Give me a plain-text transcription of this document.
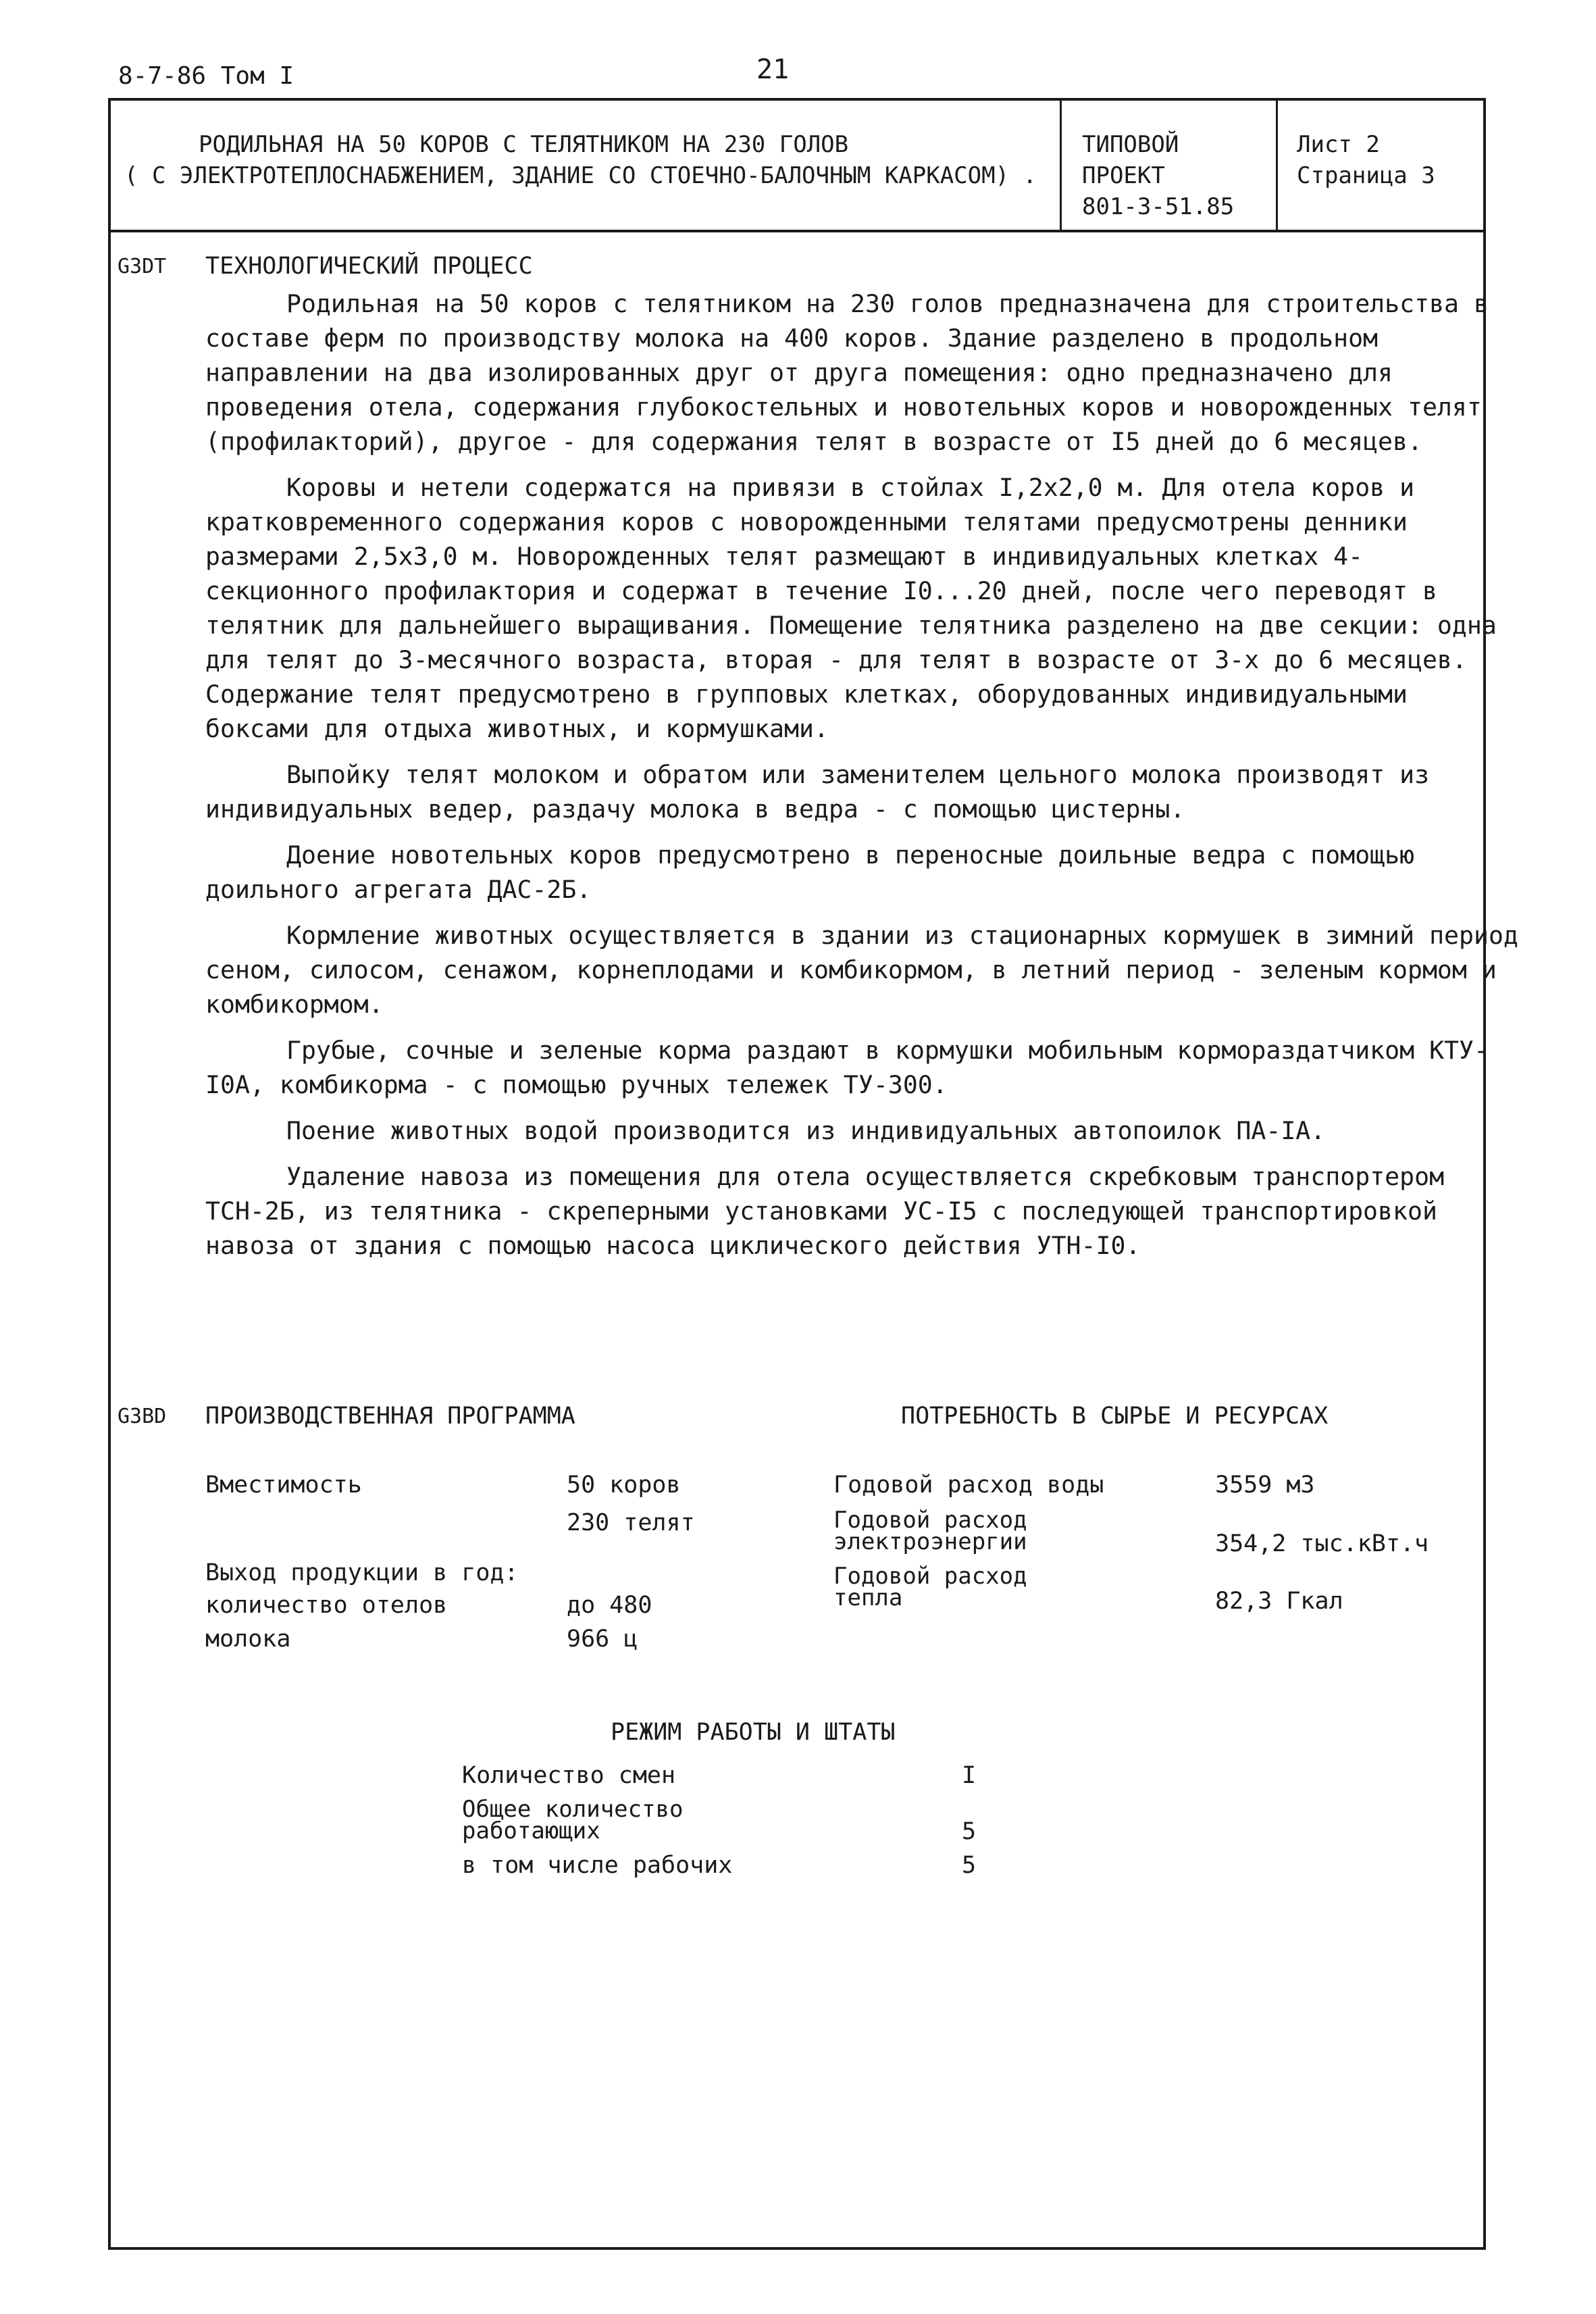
8-7-86 Том I	21
РОДИЛЬНАЯ НА 50 КОРОВ С ТЕЛЯТНИКОМ НА 230 ГОЛОВ
( С ЭЛЕКТРОТЕПЛОСНАБЖЕНИЕМ, ЗДАНИЕ СО СТОЕЧНО-БАЛОЧНЫМ КАРКАСОМ) .
ТИПОВОЙ
ПРОЕКТ
801-3-51.85
Лист 2
Страница 3
G3DT ТЕХНОЛОГИЧЕСКИЙ ПРОЦЕСС

Родильная на 50 коров с телятником на 230 голов предназначена для строительства в составе ферм по производству молока на 400 коров. Здание разделено в продольном направлении на два изолированных друг от друга помещения: одно предназначено для проведения отела, содержания глубокостельных и новотельных коров и новорожденных телят (профилакторий), другое - для содержания телят в возрасте от I5 дней до 6 месяцев.

Коровы и нетели содержатся на привязи в стойлах I,2x2,0 м. Для отела коров и кратковременного содержания коров с новорожденными телятами предусмотрены денники размерами 2,5x3,0 м. Новорожденных телят размещают в индивидуальных клетках 4-секционного профилактория и содержат в течение I0...20 дней, после чего переводят в телятник для дальнейшего выращивания. Помещение телятника разделено на две секции: одна для телят до 3-месячного возраста, вторая - для телят в возрасте от 3-х до 6 месяцев. Содержание телят предусмотрено в групповых клетках, оборудованных индивидуальными боксами для отдыха животных, и кормушками.

Выпойку телят молоком и обратом или заменителем цельного молока производят из индивидуальных ведер, раздачу молока в ведра - с помощью цистерны.

Доение новотельных коров предусмотрено в переносные доильные ведра с помощью доильного агрегата ДАС-2Б.

Кормление животных осуществляется в здании из стационарных кормушек в зимний период сеном, силосом, сенажом, корнеплодами и комбикормом, в летний период - зеленым кормом и комбикормом.

Грубые, сочные и зеленые корма раздают в кормушки мобильным кормораздатчиком КТУ-I0А, комбикорма - с помощью ручных тележек ТУ-300.

Поение животных водой производится из индивидуальных автопоилок ПА-IA.

Удаление навоза из помещения для отела осуществляется скребковым транспортером ТСН-2Б, из телятника - скреперными установками УС-I5 с последующей транспортировкой навоза от здания с помощью насоса циклического действия УТН-I0.

G3BD ПРОИЗВОДСТВЕННАЯ ПРОГРАММА	ПОТРЕБНОСТЬ В СЫРЬЕ И РЕСУРСАХ
Вместимость	50 коров
230 телят
Выход продукции в год:
количество отелов	до 480
молока	966 ц
Годовой расход воды	3559 м3
Годовой расход
электроэнергии	354,2 тыс.кВт.ч
Годовой расход
тепла	82,3 Гкал
РЕЖИМ РАБОТЫ И ШТАТЫ
Количество смен	I
Общее количество
работающих	5
в том числе рабочих	5
